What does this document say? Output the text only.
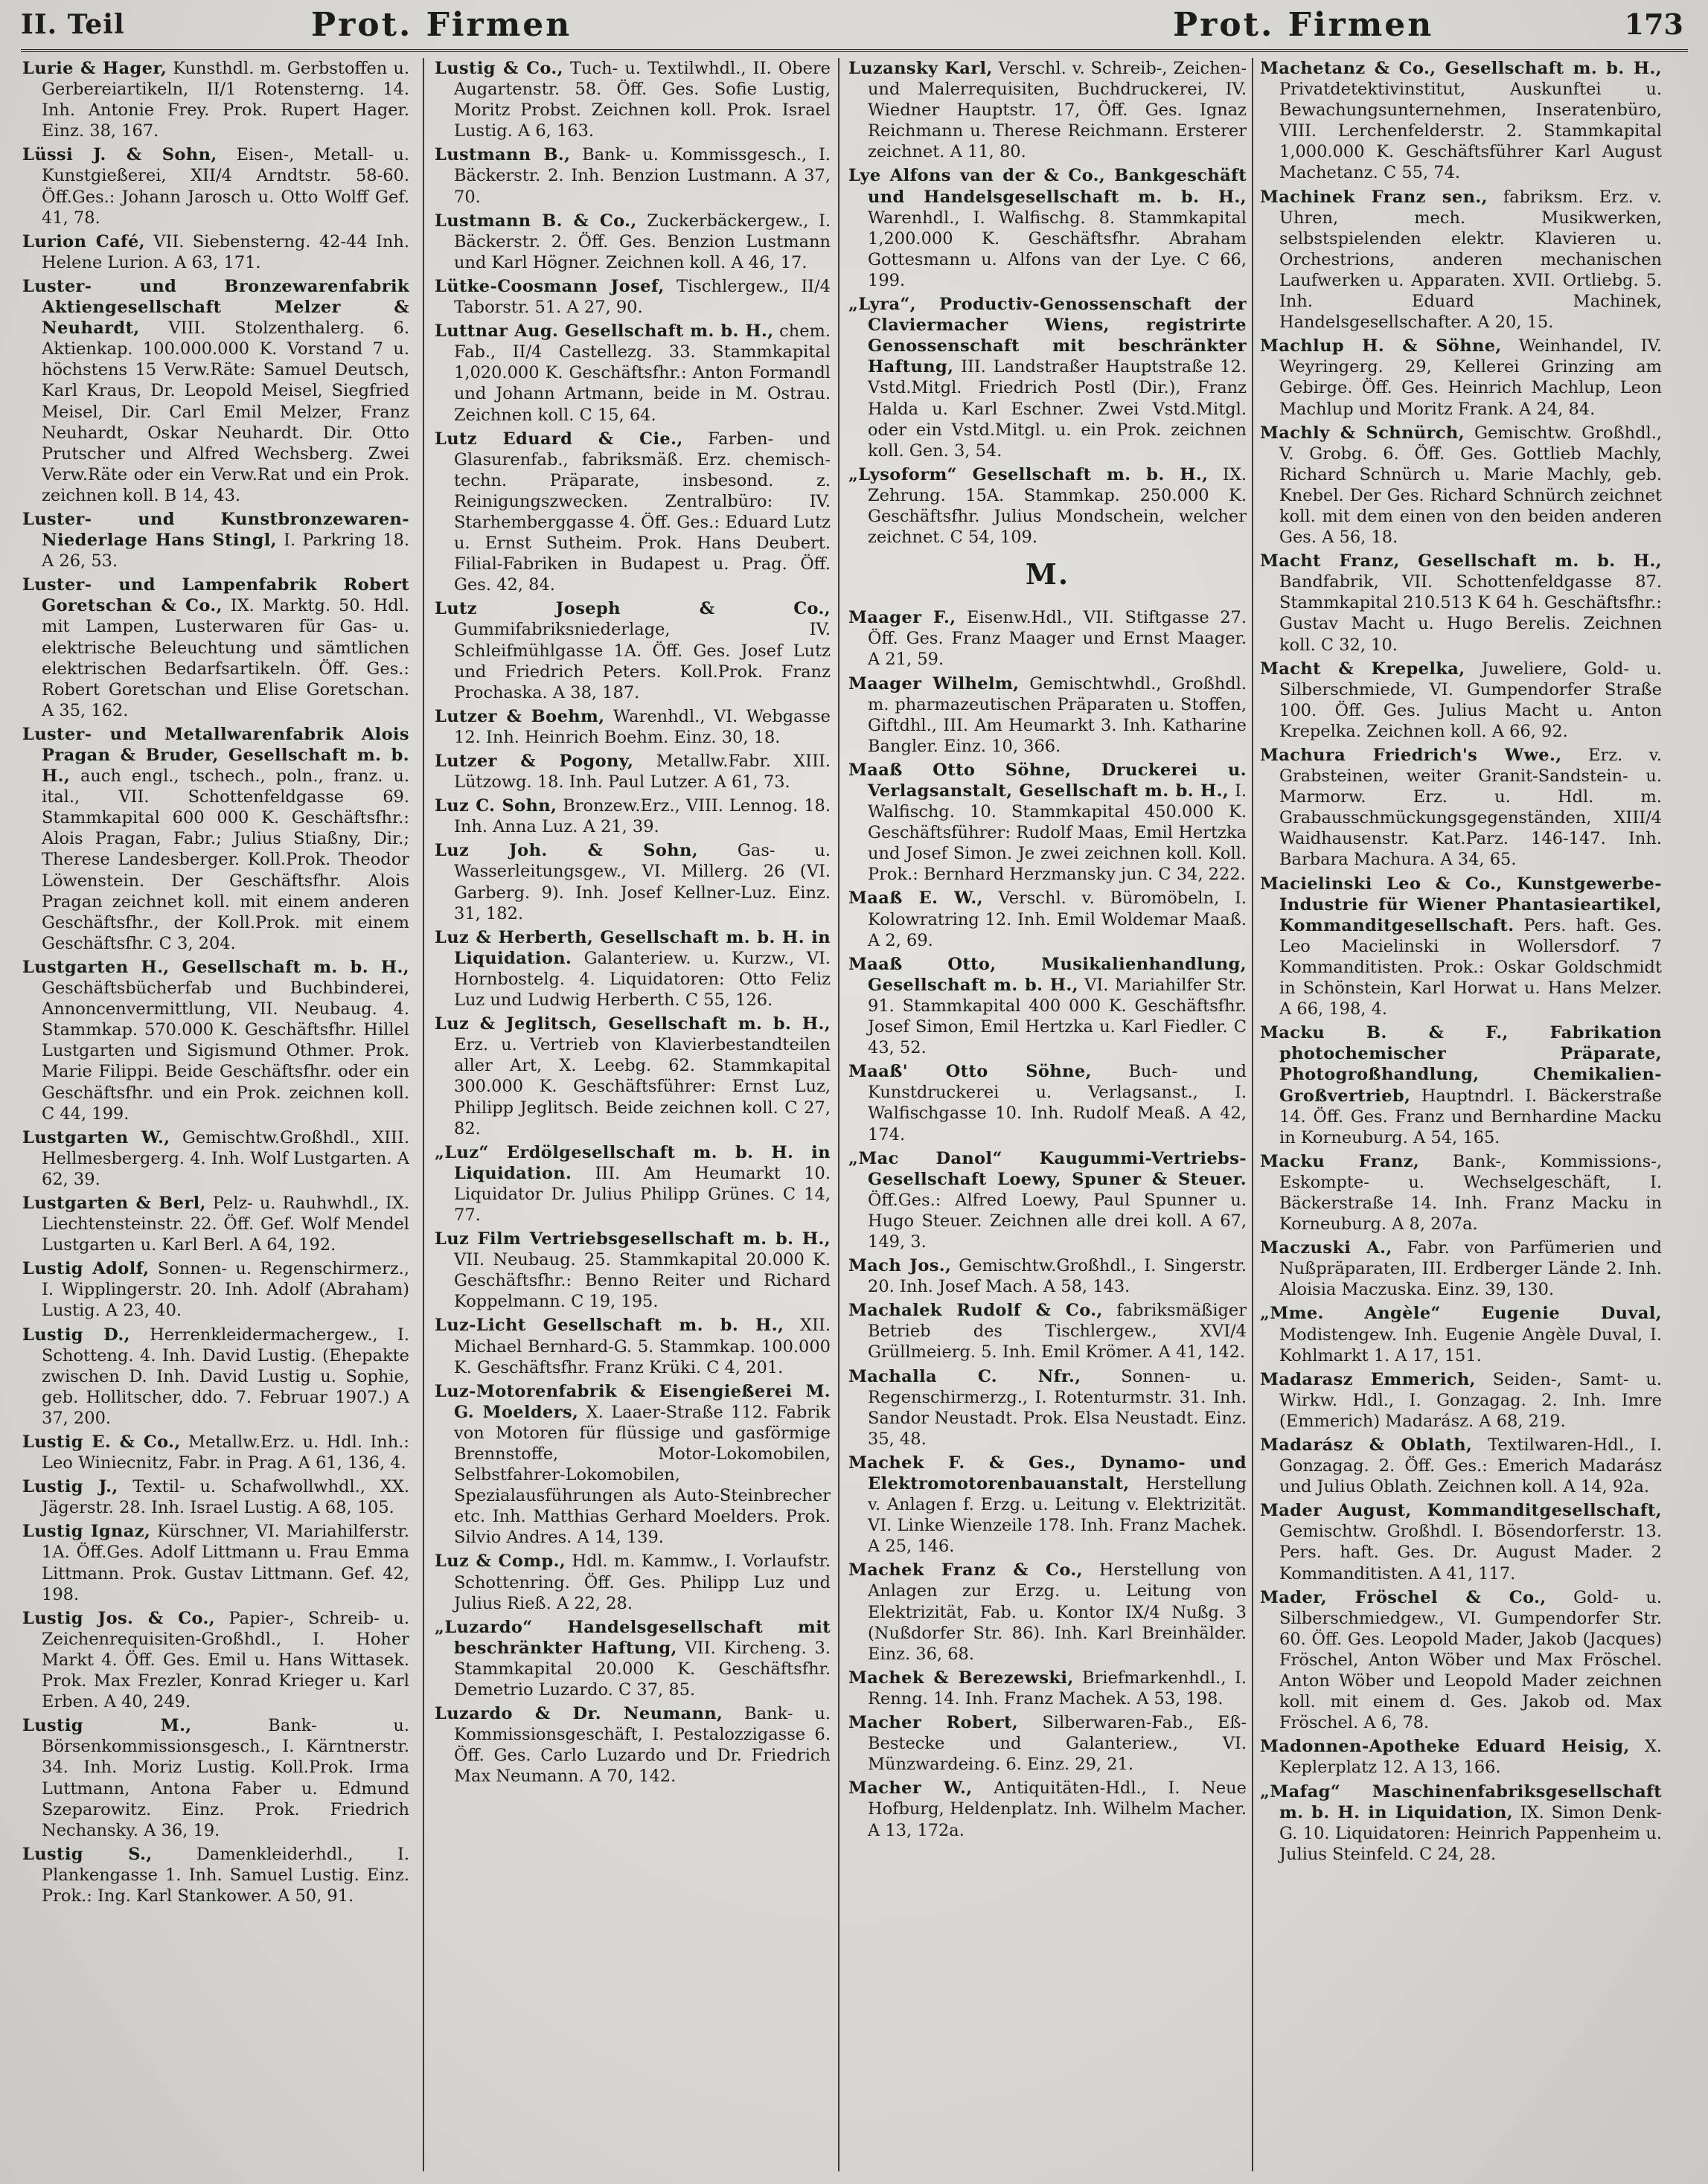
II. Teil	Prot. Firmen	Prot. Firmen	173

Lurie & Hager, Kunsthdl. m. Gerbstoffen u. Gerbereiartikeln, II/1 Rotensterng. 14. Inh. Antonie Frey. Prok. Rupert Hager. Einz. 38, 167.

Lüssi J. & Sohn, Eisen-, Metall- u. Kunstgießerei, XII/4 Arndtstr. 58-60. Öff.Ges.: Johann Jarosch u. Otto Wolff Gef. 41, 78.

Lurion Café, VII. Siebensterng. 42-44 Inh. Helene Lurion. A 63, 171.

Luster- und Bronzewarenfabrik Aktiengesellschaft Melzer & Neuhardt, VIII. Stolzenthalerg. 6. Aktienkap. 100.000.000 K. Vorstand 7 u. höchstens 15 Verw.Räte: Samuel Deutsch, Karl Kraus, Dr. Leopold Meisel, Siegfried Meisel, Dir. Carl Emil Melzer, Franz Neuhardt, Oskar Neuhardt. Dir. Otto Prutscher und Alfred Wechsberg. Zwei Verw.Räte oder ein Verw.Rat und ein Prok. zeichnen koll. B 14, 43.

Luster- und Kunstbronzewaren-Niederlage Hans Stingl, I. Parkring 18. A 26, 53.

Luster- und Lampenfabrik Robert Goretschan & Co., IX. Marktg. 50. Hdl. mit Lampen, Lusterwaren für Gas- u. elektrische Beleuchtung und sämtlichen elektrischen Bedarfsartikeln. Öff. Ges.: Robert Goretschan und Elise Goretschan. A 35, 162.

Luster- und Metallwarenfabrik Alois Pragan & Bruder, Gesellschaft m. b. H., auch engl., tschech., poln., franz. u. ital., VII. Schottenfeldgasse 69. Stammkapital 600 000 K. Geschäftsfhr.: Alois Pragan, Fabr.; Julius Stiaßny, Dir.; Therese Landesberger. Koll.Prok. Theodor Löwenstein. Der Geschäftsfhr. Alois Pragan zeichnet koll. mit einem anderen Geschäftsfhr., der Koll.Prok. mit einem Geschäftsfhr. C 3, 204.

Lustgarten H., Gesellschaft m. b. H., Geschäftsbücherfab und Buchbinderei, Annoncenvermittlung, VII. Neubaug. 4. Stammkap. 570.000 K. Geschäftsfhr. Hillel Lustgarten und Sigismund Othmer. Prok. Marie Filippi. Beide Geschäftsfhr. oder ein Geschäftsfhr. und ein Prok. zeichnen koll. C 44, 199.

Lustgarten W., Gemischtw.Großhdl., XIII. Hellmesbergerg. 4. Inh. Wolf Lustgarten. A 62, 39.

Lustgarten & Berl, Pelz- u. Rauhwhdl., IX. Liechtensteinstr. 22. Öff. Gef. Wolf Mendel Lustgarten u. Karl Berl. A 64, 192.

Lustig Adolf, Sonnen- u. Regenschirmerz., I. Wipplingerstr. 20. Inh. Adolf (Abraham) Lustig. A 23, 40.

Lustig D., Herrenkleidermachergew., I. Schotteng. 4. Inh. David Lustig. (Ehepakte zwischen D. Inh. David Lustig u. Sophie, geb. Hollitscher, ddo. 7. Februar 1907.) A 37, 200.

Lustig E. & Co., Metallw.Erz. u. Hdl. Inh.: Leo Winiecnitz, Fabr. in Prag. A 61, 136, 4.

Lustig J., Textil- u. Schafwollwhdl., XX. Jägerstr. 28. Inh. Israel Lustig. A 68, 105.

Lustig Ignaz, Kürschner, VI. Mariahilferstr. 1A. Öff.Ges. Adolf Littmann u. Frau Emma Littmann. Prok. Gustav Littmann. Gef. 42, 198.

Lustig Jos. & Co., Papier-, Schreib- u. Zeichenrequisiten-Großhdl., I. Hoher Markt 4. Öff. Ges. Emil u. Hans Wittasek. Prok. Max Frezler, Konrad Krieger u. Karl Erben. A 40, 249.

Lustig M., Bank- u. Börsenkommissionsgesch., I. Kärntnerstr. 34. Inh. Moriz Lustig. Koll.Prok. Irma Luttmann, Antona Faber u. Edmund Szeparowitz. Einz. Prok. Friedrich Nechansky. A 36, 19.

Lustig S., Damenkleiderhdl., I. Plankengasse 1. Inh. Samuel Lustig. Einz. Prok.: Ing. Karl Stankower. A 50, 91.

Lustig & Co., Tuch- u. Textilwhdl., II. Obere Augartenstr. 58. Öff. Ges. Sofie Lustig, Moritz Probst. Zeichnen koll. Prok. Israel Lustig. A 6, 163.

Lustmann B., Bank- u. Kommissgesch., I. Bäckerstr. 2. Inh. Benzion Lustmann. A 37, 70.

Lustmann B. & Co., Zuckerbäckergew., I. Bäckerstr. 2. Öff. Ges. Benzion Lustmann und Karl Högner. Zeichnen koll. A 46, 17.

Lütke-Coosmann Josef, Tischlergew., II/4 Taborstr. 51. A 27, 90.

Luttnar Aug. Gesellschaft m. b. H., chem. Fab., II/4 Castellezg. 33. Stammkapital 1,020.000 K. Geschäftsfhr.: Anton Formandl und Johann Artmann, beide in M. Ostrau. Zeichnen koll. C 15, 64.

Lutz Eduard & Cie., Farben- und Glasurenfab., fabriksmäß. Erz. chemisch-techn. Präparate, insbesond. z. Reinigungszwecken. Zentralbüro: IV. Starhemberggasse 4. Öff. Ges.: Eduard Lutz u. Ernst Sutheim. Prok. Hans Deubert. Filial-Fabriken in Budapest u. Prag. Öff. Ges. 42, 84.

Lutz Joseph & Co., Gummifabriksniederlage, IV. Schleifmühlgasse 1A. Öff. Ges. Josef Lutz und Friedrich Peters. Koll.Prok. Franz Prochaska. A 38, 187.

Lutzer & Boehm, Warenhdl., VI. Webgasse 12. Inh. Heinrich Boehm. Einz. 30, 18.

Lutzer & Pogony, Metallw.Fabr. XIII. Lützowg. 18. Inh. Paul Lutzer. A 61, 73.

Luz C. Sohn, Bronzew.Erz., VIII. Lennog. 18. Inh. Anna Luz. A 21, 39.

Luz Joh. & Sohn, Gas- u. Wasserleitungsgew., VI. Millerg. 26 (VI. Garberg. 9). Inh. Josef Kellner-Luz. Einz. 31, 182.

Luz & Herberth, Gesellschaft m. b. H. in Liquidation. Galanteriew. u. Kurzw., VI. Hornbostelg. 4. Liquidatoren: Otto Feliz Luz und Ludwig Herberth. C 55, 126.

Luz & Jeglitsch, Gesellschaft m. b. H., Erz. u. Vertrieb von Klavierbestandteilen aller Art, X. Leebg. 62. Stammkapital 300.000 K. Geschäftsführer: Ernst Luz, Philipp Jeglitsch. Beide zeichnen koll. C 27, 82.

„Luz“ Erdölgesellschaft m. b. H. in Liquidation. III. Am Heumarkt 10. Liquidator Dr. Julius Philipp Grünes. C 14, 77.

Luz Film Vertriebsgesellschaft m. b. H., VII. Neubaug. 25. Stammkapital 20.000 K. Geschäftsfhr.: Benno Reiter und Richard Koppelmann. C 19, 195.

Luz-Licht Gesellschaft m. b. H., XII. Michael Bernhard-G. 5. Stammkap. 100.000 K. Geschäftsfhr. Franz Krüki. C 4, 201.

Luz-Motorenfabrik & Eisengießerei M. G. Moelders, X. Laaer-Straße 112. Fabrik von Motoren für flüssige und gasförmige Brennstoffe, Motor-Lokomobilen, Selbstfahrer-Lokomobilen, Spezialausführungen als Auto-Steinbrecher etc. Inh. Matthias Gerhard Moelders. Prok. Silvio Andres. A 14, 139.

Luz & Comp., Hdl. m. Kammw., I. Vorlaufstr. Schottenring. Öff. Ges. Philipp Luz und Julius Rieß. A 22, 28.

„Luzardo“ Handelsgesellschaft mit beschränkter Haftung, VII. Kircheng. 3. Stammkapital 20.000 K. Geschäftsfhr. Demetrio Luzardo. C 37, 85.

Luzardo & Dr. Neumann, Bank- u. Kommissionsgeschäft, I. Pestalozzigasse 6. Öff. Ges. Carlo Luzardo und Dr. Friedrich Max Neumann. A 70, 142.

Luzansky Karl, Verschl. v. Schreib-, Zeichen- und Malerrequisiten, Buchdruckerei, IV. Wiedner Hauptstr. 17, Öff. Ges. Ignaz Reichmann u. Therese Reichmann. Ersterer zeichnet. A 11, 80.

Lye Alfons van der & Co., Bankgeschäft und Handelsgesellschaft m. b. H., Warenhdl., I. Walfischg. 8. Stammkapital 1,200.000 K. Geschäftsfhr. Abraham Gottesmann u. Alfons van der Lye. C 66, 199.

„Lyra“, Productiv-Genossenschaft der Claviermacher Wiens, registrirte Genossenschaft mit beschränkter Haftung, III. Landstraßer Hauptstraße 12. Vstd.Mitgl. Friedrich Postl (Dir.), Franz Halda u. Karl Eschner. Zwei Vstd.Mitgl. oder ein Vstd.Mitgl. u. ein Prok. zeichnen koll. Gen. 3, 54.

„Lysoform“ Gesellschaft m. b. H., IX. Zehrung. 15A. Stammkap. 250.000 K. Geschäftsfhr. Julius Mondschein, welcher zeichnet. C 54, 109.

M.

Maager F., Eisenw.Hdl., VII. Stiftgasse 27. Öff. Ges. Franz Maager und Ernst Maager. A 21, 59.

Maager Wilhelm, Gemischtwhdl., Großhdl. m. pharmazeutischen Präparaten u. Stoffen, Giftdhl., III. Am Heumarkt 3. Inh. Katharine Bangler. Einz. 10, 366.

Maaß Otto Söhne, Druckerei u. Verlagsanstalt, Gesellschaft m. b. H., I. Walfischg. 10. Stammkapital 450.000 K. Geschäftsführer: Rudolf Maas, Emil Hertzka und Josef Simon. Je zwei zeichnen koll. Koll. Prok.: Bernhard Herzmansky jun. C 34, 222.

Maaß E. W., Verschl. v. Büromöbeln, I. Kolowratring 12. Inh. Emil Woldemar Maaß. A 2, 69.

Maaß Otto, Musikalienhandlung, Gesellschaft m. b. H., VI. Mariahilfer Str. 91. Stammkapital 400 000 K. Geschäftsfhr. Josef Simon, Emil Hertzka u. Karl Fiedler. C 43, 52.

Maaß' Otto Söhne, Buch- und Kunstdruckerei u. Verlagsanst., I. Walfischgasse 10. Inh. Rudolf Meaß. A 42, 174.

„Mac Danol“ Kaugummi-Vertriebs-Gesellschaft Loewy, Spuner & Steuer. Öff.Ges.: Alfred Loewy, Paul Spunner u. Hugo Steuer. Zeichnen alle drei koll. A 67, 149, 3.

Mach Jos., Gemischtw.Großhdl., I. Singerstr. 20. Inh. Josef Mach. A 58, 143.

Machalek Rudolf & Co., fabriksmäßiger Betrieb des Tischlergew., XVI/4 Grüllmeierg. 5. Inh. Emil Krömer. A 41, 142.

Machalla C. Nfr., Sonnen- u. Regenschirmerzg., I. Rotenturmstr. 31. Inh. Sandor Neustadt. Prok. Elsa Neustadt. Einz. 35, 48.

Machek F. & Ges., Dynamo- und Elektromotorenbauanstalt, Herstellung v. Anlagen f. Erzg. u. Leitung v. Elektrizität. VI. Linke Wienzeile 178. Inh. Franz Machek. A 25, 146.

Machek Franz & Co., Herstellung von Anlagen zur Erzg. u. Leitung von Elektrizität, Fab. u. Kontor IX/4 Nußg. 3 (Nußdorfer Str. 86). Inh. Karl Breinhälder. Einz. 36, 68.

Machek & Berezewski, Briefmarkenhdl., I. Renng. 14. Inh. Franz Machek. A 53, 198.

Macher Robert, Silberwaren-Fab., Eß-Bestecke und Galanteriew., VI. Münzwardeing. 6. Einz. 29, 21.

Macher W., Antiquitäten-Hdl., I. Neue Hofburg, Heldenplatz. Inh. Wilhelm Macher. A 13, 172a.

Machetanz & Co., Gesellschaft m. b. H., Privatdetektivinstitut, Auskunftei u. Bewachungsunternehmen, Inseratenbüro, VIII. Lerchenfelderstr. 2. Stammkapital 1,000.000 K. Geschäftsführer Karl August Machetanz. C 55, 74.

Machinek Franz sen., fabriksm. Erz. v. Uhren, mech. Musikwerken, selbstspielenden elektr. Klavieren u. Orchestrions, anderen mechanischen Laufwerken u. Apparaten. XVII. Ortliebg. 5. Inh. Eduard Machinek, Handelsgesellschafter. A 20, 15.

Machlup H. & Söhne, Weinhandel, IV. Weyringerg. 29, Kellerei Grinzing am Gebirge. Öff. Ges. Heinrich Machlup, Leon Machlup und Moritz Frank. A 24, 84.

Machly & Schnürch, Gemischtw. Großhdl., V. Grobg. 6. Öff. Ges. Gottlieb Machly, Richard Schnürch u. Marie Machly, geb. Knebel. Der Ges. Richard Schnürch zeichnet koll. mit dem einen von den beiden anderen Ges. A 56, 18.

Macht Franz, Gesellschaft m. b. H., Bandfabrik, VII. Schottenfeldgasse 87. Stammkapital 210.513 K 64 h. Geschäftsfhr.: Gustav Macht u. Hugo Berelis. Zeichnen koll. C 32, 10.

Macht & Krepelka, Juweliere, Gold- u. Silberschmiede, VI. Gumpendorfer Straße 100. Öff. Ges. Julius Macht u. Anton Krepelka. Zeichnen koll. A 66, 92.

Machura Friedrich's Wwe., Erz. v. Grabsteinen, weiter Granit-Sandstein- u. Marmorw. Erz. u. Hdl. m. Grabausschmückungsgegenständen, XIII/4 Waidhausenstr. Kat.Parz. 146-147. Inh. Barbara Machura. A 34, 65.

Macielinski Leo & Co., Kunstgewerbe-Industrie für Wiener Phantasieartikel, Kommanditgesellschaft. Pers. haft. Ges. Leo Macielinski in Wollersdorf. 7 Kommanditisten. Prok.: Oskar Goldschmidt in Schönstein, Karl Horwat u. Hans Melzer. A 66, 198, 4.

Macku B. & F., Fabrikation photochemischer Präparate, Photogroßhandlung, Chemikalien-Großvertrieb, Hauptndrl. I. Bäckerstraße 14. Öff. Ges. Franz und Bernhardine Macku in Korneuburg. A 54, 165.

Macku Franz, Bank-, Kommissions-, Eskompte- u. Wechselgeschäft, I. Bäckerstraße 14. Inh. Franz Macku in Korneuburg. A 8, 207a.

Maczuski A., Fabr. von Parfümerien und Nußpräparaten, III. Erdberger Lände 2. Inh. Aloisia Maczuska. Einz. 39, 130.

„Mme. Angèle“ Eugenie Duval, Modistengew. Inh. Eugenie Angèle Duval, I. Kohlmarkt 1. A 17, 151.

Madarasz Emmerich, Seiden-, Samt- u. Wirkw. Hdl., I. Gonzagag. 2. Inh. Imre (Emmerich) Madarász. A 68, 219.

Madarász & Oblath, Textilwaren-Hdl., I. Gonzagag. 2. Öff. Ges.: Emerich Madarász und Julius Oblath. Zeichnen koll. A 14, 92a.

Mader August, Kommanditgesellschaft, Gemischtw. Großhdl. I. Bösendorferstr. 13. Pers. haft. Ges. Dr. August Mader. 2 Kommanditisten. A 41, 117.

Mader, Fröschel & Co., Gold- u. Silberschmiedgew., VI. Gumpendorfer Str. 60. Öff. Ges. Leopold Mader, Jakob (Jacques) Fröschel, Anton Wöber und Max Fröschel. Anton Wöber und Leopold Mader zeichnen koll. mit einem d. Ges. Jakob od. Max Fröschel. A 6, 78.

Madonnen-Apotheke Eduard Heisig, X. Keplerplatz 12. A 13, 166.

„Mafag“ Maschinenfabriksgesellschaft m. b. H. in Liquidation, IX. Simon Denk-G. 10. Liquidatoren: Heinrich Pappenheim u. Julius Steinfeld. C 24, 28.
